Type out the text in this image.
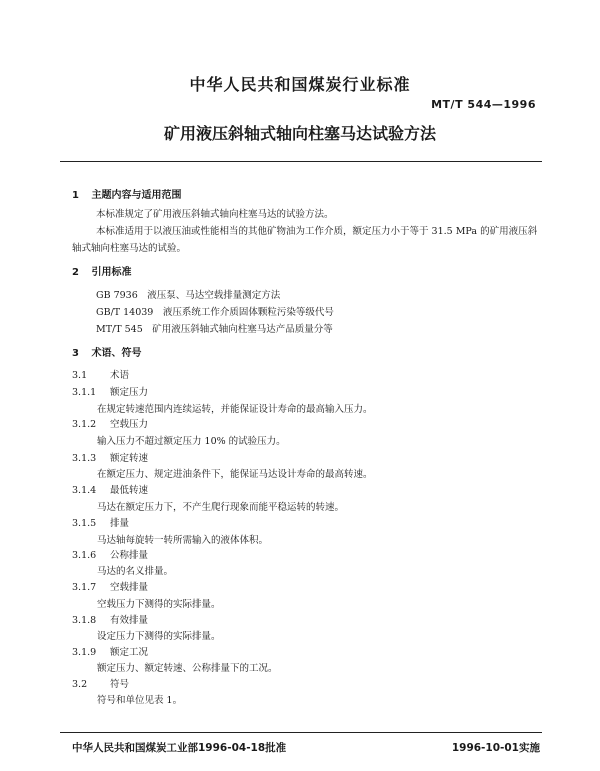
中华人民共和国煤炭行业标准
MT/T 544—1996
矿用液压斜轴式轴向柱塞马达试验方法
1 主题内容与适用范围
本标准规定了矿用液压斜轴式轴向柱塞马达的试验方法。
本标准适用于以液压油或性能相当的其他矿物油为工作介质，额定压力小于等于 31.5 MPa 的矿用液压斜轴式轴向柱塞马达的试验。
2 引用标准
GB 7936　液压泵、马达空载排量测定方法
GB/T 14039　液压系统工作介质固体颗粒污染等级代号
MT/T 545　矿用液压斜轴式轴向柱塞马达产品质量分等
3 术语、符号
3.1 术语
3.1.1 额定压力
在规定转速范围内连续运转，并能保证设计寿命的最高输入压力。
3.1.2 空载压力
输入压力不超过额定压力 10% 的试验压力。
3.1.3 额定转速
在额定压力、规定进油条件下，能保证马达设计寿命的最高转速。
3.1.4 最低转速
马达在额定压力下，不产生爬行现象而能平稳运转的转速。
3.1.5 排量
马达轴每旋转一转所需输入的液体体积。
3.1.6 公称排量
马达的名义排量。
3.1.7 空载排量
空载压力下测得的实际排量。
3.1.8 有效排量
设定压力下测得的实际排量。
3.1.9 额定工况
额定压力、额定转速、公称排量下的工况。
3.2 符号
符号和单位见表 1。
中华人民共和国煤炭工业部1996-04-18批准	1996-10-01实施
